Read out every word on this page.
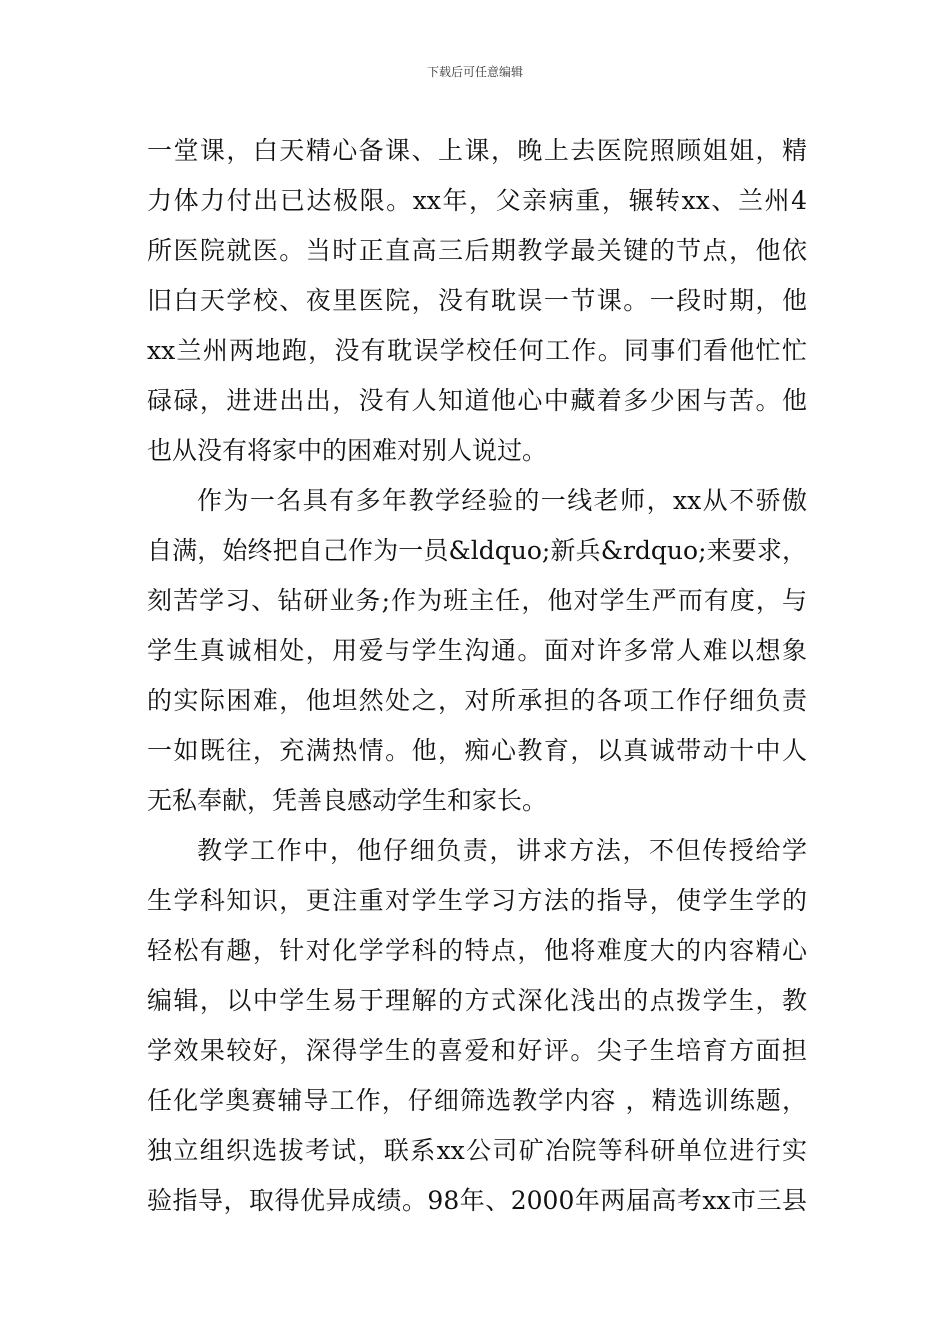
下载后可任意编辑
一堂课，白天精心备课、上课，晚上去医院照顾姐姐，精
力体力付出已达极限。xx年，父亲病重，辗转xx、兰州4
所医院就医。当时正直高三后期教学最关键的节点，他依
旧白天学校、夜里医院，没有耽误一节课。一段时期，他
xx兰州两地跑，没有耽误学校任何工作。同事们看他忙忙
碌碌，进进出出，没有人知道他心中藏着多少困与苦。他
也从没有将家中的困难对别人说过。
作为一名具有多年教学经验的一线老师，xx从不骄傲
自满，始终把自己作为一员&ldquo;新兵&rdquo;来要求，
刻苦学习、钻研业务;作为班主任，他对学生严而有度，与
学生真诚相处，用爱与学生沟通。面对许多常人难以想象
的实际困难，他坦然处之，对所承担的各项工作仔细负责
一如既往，充满热情。他，痴心教育，以真诚带动十中人
无私奉献，凭善良感动学生和家长。
教学工作中，他仔细负责，讲求方法，不但传授给学
生学科知识，更注重对学生学习方法的指导，使学生学的
轻松有趣，针对化学学科的特点，他将难度大的内容精心
编辑，以中学生易于理解的方式深化浅出的点拨学生，教
学效果较好，深得学生的喜爱和好评。尖子生培育方面担
任化学奥赛辅导工作，仔细筛选教学内容 ，精选训练题，
独立组织选拔考试，联系xx公司矿冶院等科研单位进行实
验指导，取得优异成绩。98年、2000年两届高考xx市三县
